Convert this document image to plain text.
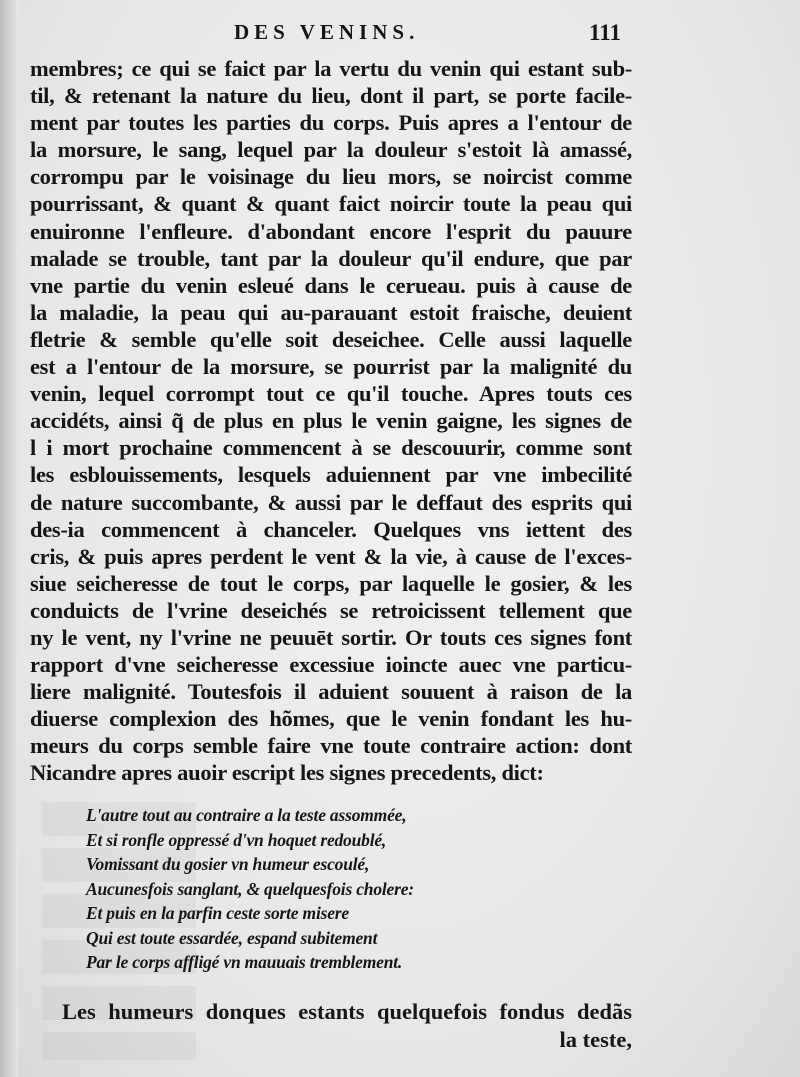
DES VENINS.	111
membres; ce qui se faict par la vertu du venin qui estant sub-
til, & retenant la nature du lieu, dont il part, se porte facile-
ment par toutes les parties du corps. Puis apres a l'entour de
la morsure, le sang, lequel par la douleur s'estoit là amassé,
corrompu par le voisinage du lieu mors, se noircist comme
pourrissant, & quant & quant faict noircir toute la peau qui
enuironne l'enfleure. d'abondant encore l'esprit du pauure
malade se trouble, tant par la douleur qu'il endure, que par
vne partie du venin esleué dans le cerueau. puis à cause de
la maladie, la peau qui au-parauant estoit fraische, deuient
fletrie & semble qu'elle soit deseichee. Celle aussi laquelle
est a l'entour de la morsure, se pourrist par la malignité du
venin, lequel corrompt tout ce qu'il touche. Apres touts ces
accidéts, ainsi q̃ de plus en plus le venin gaigne, les signes de
l i mort prochaine commencent à se descouurir, comme sont
les esblouissements, lesquels aduiennent par vne imbecilité
de nature succombante, & aussi par le deffaut des esprits qui
des-ia commencent à chanceler. Quelques vns iettent des
cris, & puis apres perdent le vent & la vie, à cause de l'exces-
siue seicheresse de tout le corps, par laquelle le gosier, & les
conduicts de l'vrine deseichés se retroicissent tellement que
ny le vent, ny l'vrine ne peuuēt sortir. Or touts ces signes font
rapport d'vne seicheresse excessiue ioincte auec vne particu-
liere malignité. Toutesfois il aduient souuent à raison de la
diuerse complexion des hõmes, que le venin fondant les hu-
meurs du corps semble faire vne toute contraire action: dont
Nicandre apres auoir escript les signes precedents, dict:
L'autre tout au contraire a la teste assommée,
Et si ronfle oppressé d'vn hoquet redoublé,
Vomissant du gosier vn humeur escoulé,
Aucunesfois sanglant, & quelquesfois cholere:
Et puis en la parfin ceste sorte misere
Qui est toute essardée, espand subitement
Par le corps affligé vn mauuais tremblement.
Les humeurs donques estants quelquefois fondus dedãs
la teste,
